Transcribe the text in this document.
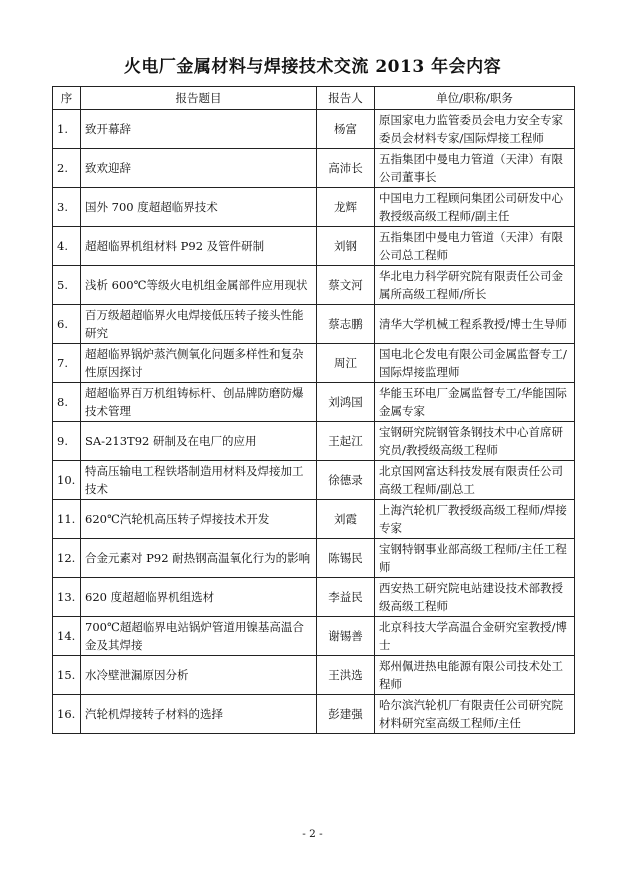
火电厂金属材料与焊接技术交流 2013 年会内容
序	报告题目	报告人	单位/职称/职务
1.	致开幕辞	杨富	原国家电力监管委员会电力安全专家委员会材料专家/国际焊接工程师
2.	致欢迎辞	高沛长	五指集团中曼电力管道（天津）有限公司董事长
3.	国外 700 度超超临界技术	龙辉	中国电力工程顾问集团公司研发中心教授级高级工程师/副主任
4.	超超临界机组材料 P92 及管件研制	刘钢	五指集团中曼电力管道（天津）有限公司总工程师
5.	浅析 600℃等级火电机组金属部件应用现状	蔡文河	华北电力科学研究院有限责任公司金属所高级工程师/所长
6.	百万级超超临界火电焊接低压转子接头性能研究	蔡志鹏	清华大学机械工程系教授/博士生导师
7.	超超临界锅炉蒸汽侧氧化问题多样性和复杂性原因探讨	周江	国电北仑发电有限公司金属监督专工/国际焊接监理师
8.	超超临界百万机组铸标杆、创品牌防磨防爆技术管理	刘鸿国	华能玉环电厂金属监督专工/华能国际金属专家
9.	SA-213T92 研制及在电厂的应用	王起江	宝钢研究院钢管条钢技术中心首席研究员/教授级高级工程师
10.	特高压输电工程铁塔制造用材料及焊接加工技术	徐德录	北京国网富达科技发展有限责任公司高级工程师/副总工
11.	620℃汽轮机高压转子焊接技术开发	刘霞	上海汽轮机厂教授级高级工程师/焊接专家
12.	合金元素对 P92 耐热钢高温氧化行为的影响	陈锡民	宝钢特钢事业部高级工程师/主任工程师
13.	620 度超超临界机组选材	李益民	西安热工研究院电站建设技术部教授级高级工程师
14.	700℃超超临界电站锅炉管道用镍基高温合金及其焊接	谢锡善	北京科技大学高温合金研究室教授/博士
15.	水冷壁泄漏原因分析	王洪选	郑州佩进热电能源有限公司技术处工程师
16.	汽轮机焊接转子材料的选择	彭建强	哈尔滨汽轮机厂有限责任公司研究院材料研究室高级工程师/主任
- 2 -
